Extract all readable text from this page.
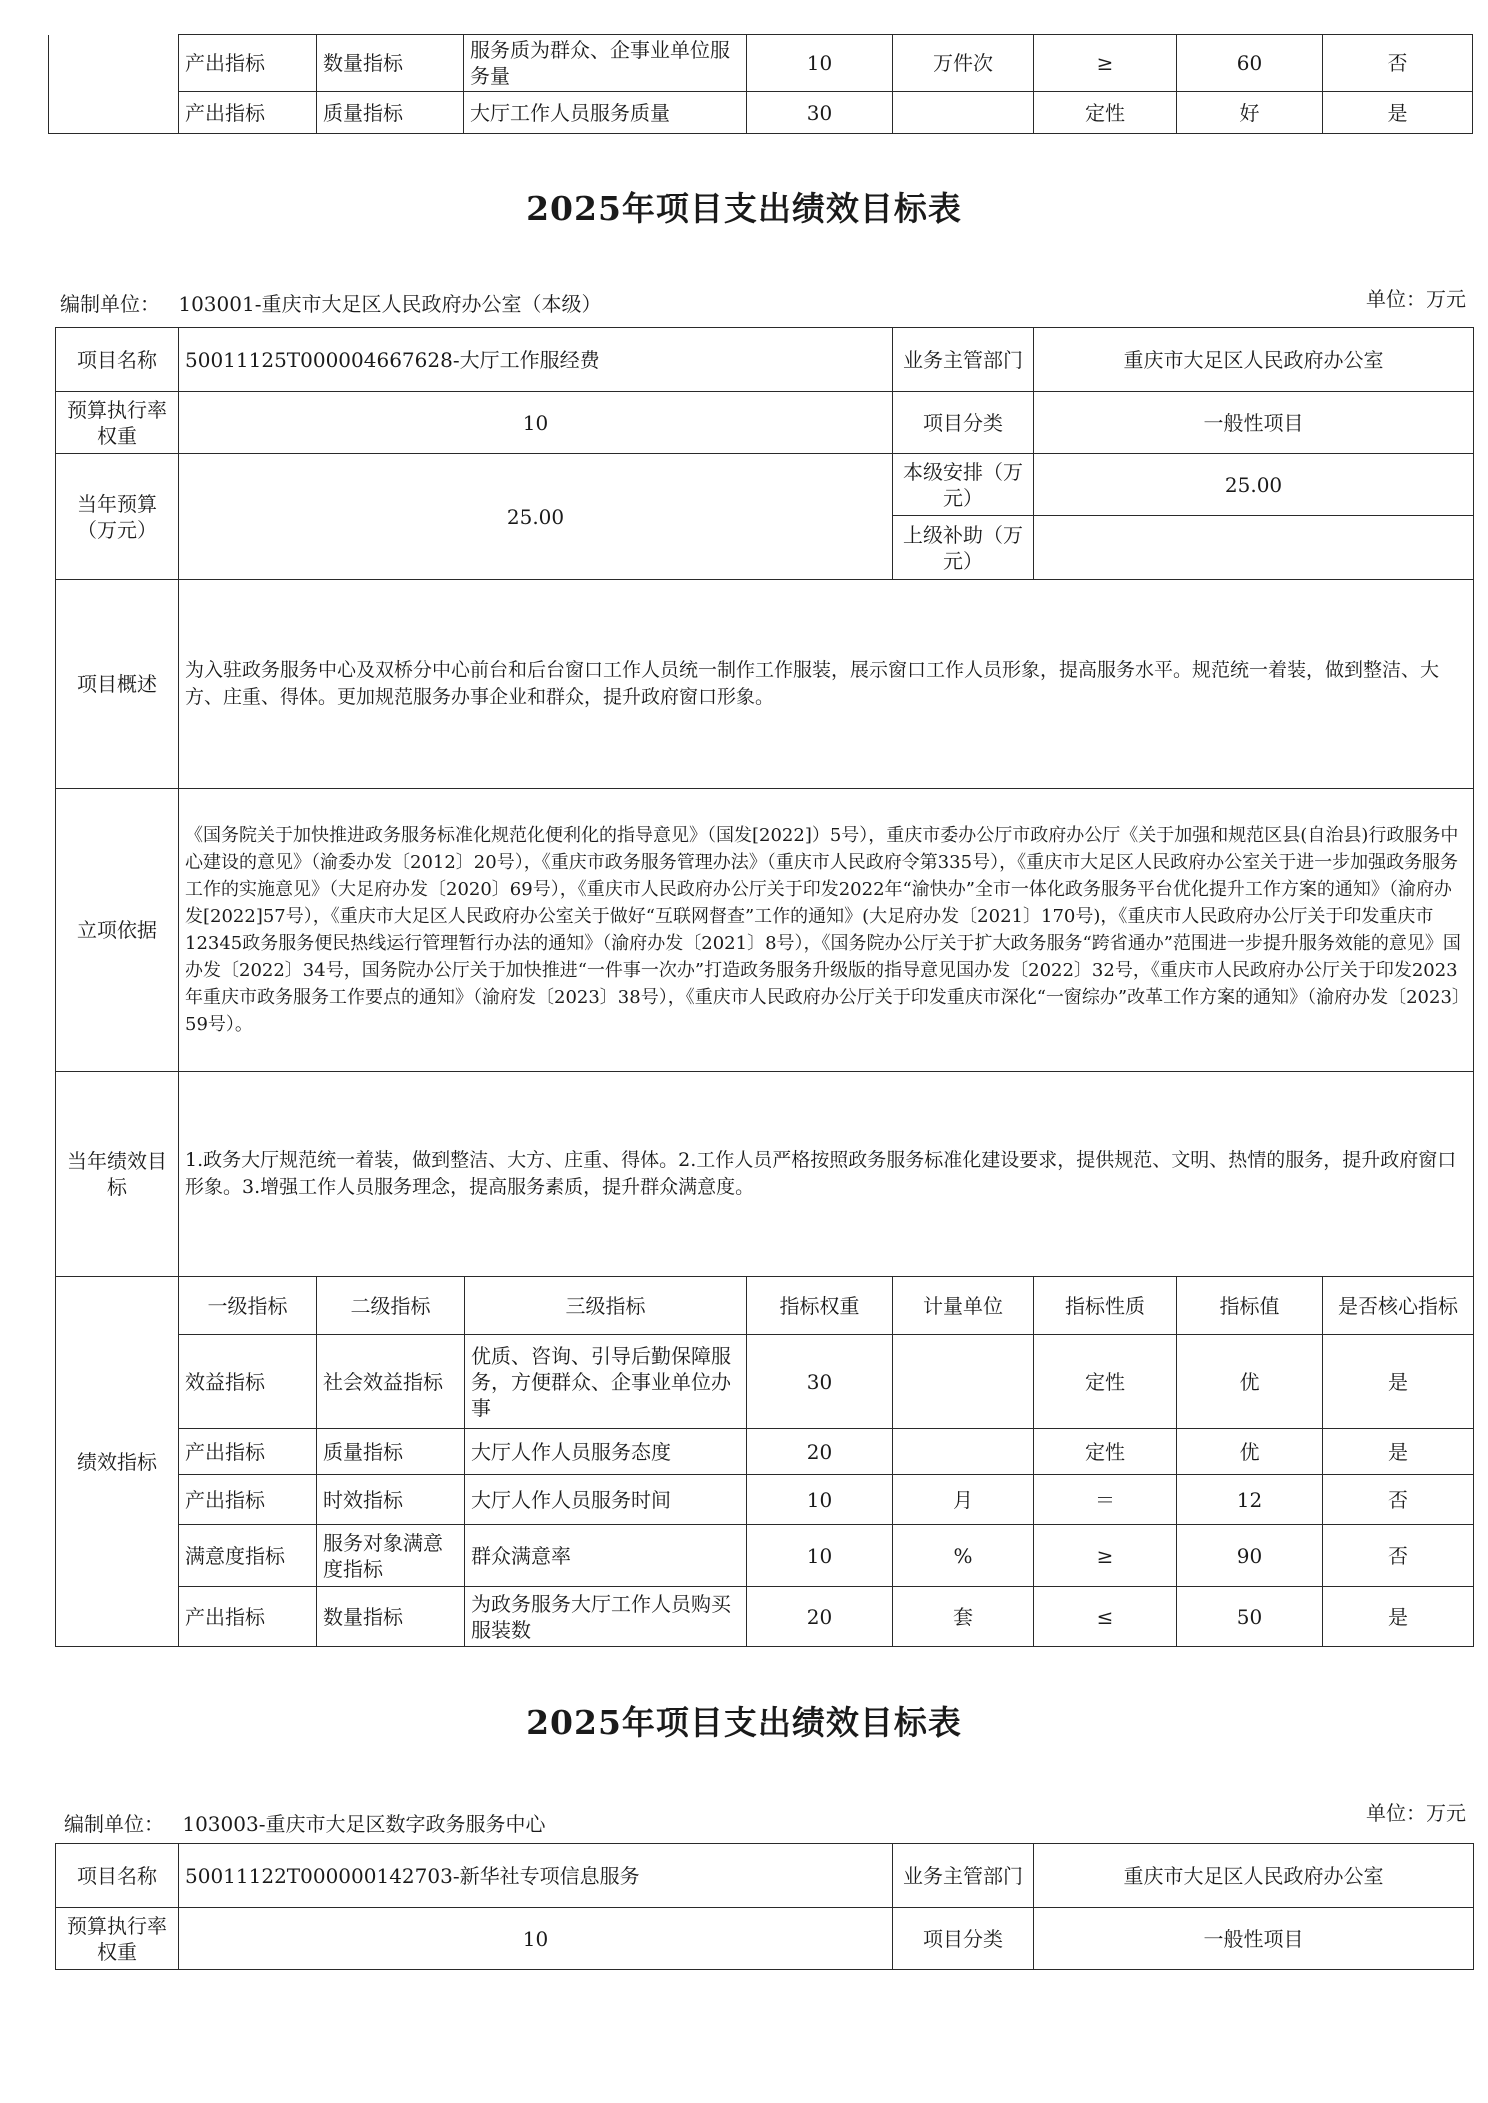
	产出指标	数量指标	服务质为群众、企事业单位服务量	10	万件次	≥	60	否
	产出指标	质量指标	大厅工作人员服务质量	30		定性	好	是
2025年项目支出绩效目标表
编制单位： 103001-重庆市大足区人民政府办公室（本级）	单位：万元
项目名称	50011125T000004667628-大厅工作服经费				业务主管部门	重庆市大足区人民政府办公室		
预算执行率权重	10				项目分类	一般性项目		
当年预算（万元）	25.00				本级安排（万元）	25.00		
					上级补助（万元）			
项目概述	为入驻政务服务中心及双桥分中心前台和后台窗口工作人员统一制作工作服装，展示窗口工作人员形象，提高服务水平。规范统一着装，做到整洁、大方、庄重、得体。更加规范服务办事企业和群众，提升政府窗口形象。							
立项依据	《国务院关于加快推进政务服务标准化规范化便利化的指导意见》（国发[2022]）5号），重庆市委办公厅市政府办公厅《关于加强和规范区县(自治县)行政服务中心建设的意见》（渝委办发〔2012〕20号），《重庆市政务服务管理办法》（重庆市人民政府令第335号），《重庆市大足区人民政府办公室关于进一步加强政务服务工作的实施意见》（大足府办发〔2020〕69号），《重庆市人民政府办公厅关于印发2022年“渝快办”全市一体化政务服务平台优化提升工作方案的通知》（渝府办发[2022]57号），《重庆市大足区人民政府办公室关于做好“互联网督查”工作的通知》(大足府办发〔2021〕170号)，《重庆市人民政府办公厅关于印发重庆市12345政务服务便民热线运行管理暂行办法的通知》（渝府办发〔2021〕8号），《国务院办公厅关于扩大政务服务“跨省通办”范围进一步提升服务效能的意见》国办发〔2022〕34号，国务院办公厅关于加快推进“一件事一次办”打造政务服务升级版的指导意见国办发〔2022〕32号，《重庆市人民政府办公厅关于印发2023年重庆市政务服务工作要点的通知》（渝府发〔2023〕38号），《重庆市人民政府办公厅关于印发重庆市深化“一窗综办”改革工作方案的通知》（渝府办发〔2023〕59号）。							
当年绩效目标	1.政务大厅规范统一着装，做到整洁、大方、庄重、得体。2.工作人员严格按照政务服务标准化建设要求，提供规范、文明、热情的服务，提升政府窗口形象。3.增强工作人员服务理念，提高服务素质，提升群众满意度。							
绩效指标	一级指标	二级指标	三级指标	指标权重	计量单位	指标性质	指标值	是否核心指标
	效益指标	社会效益指标	优质、咨询、引导后勤保障服务，方便群众、企事业单位办事	30		定性	优	是
	产出指标	质量指标	大厅人作人员服务态度	20		定性	优	是
	产出指标	时效指标	大厅人作人员服务时间	10	月	＝	12	否
	满意度指标	服务对象满意度指标	群众满意率	10	%	≥	90	否
	产出指标	数量指标	为政务服务大厅工作人员购买服装数	20	套	≤	50	是
2025年项目支出绩效目标表
编制单位： 103003-重庆市大足区数字政务服务中心	单位：万元
项目名称	50011122T000000142703-新华社专项信息服务	业务主管部门	重庆市大足区人民政府办公室
预算执行率权重	10	项目分类	一般性项目
